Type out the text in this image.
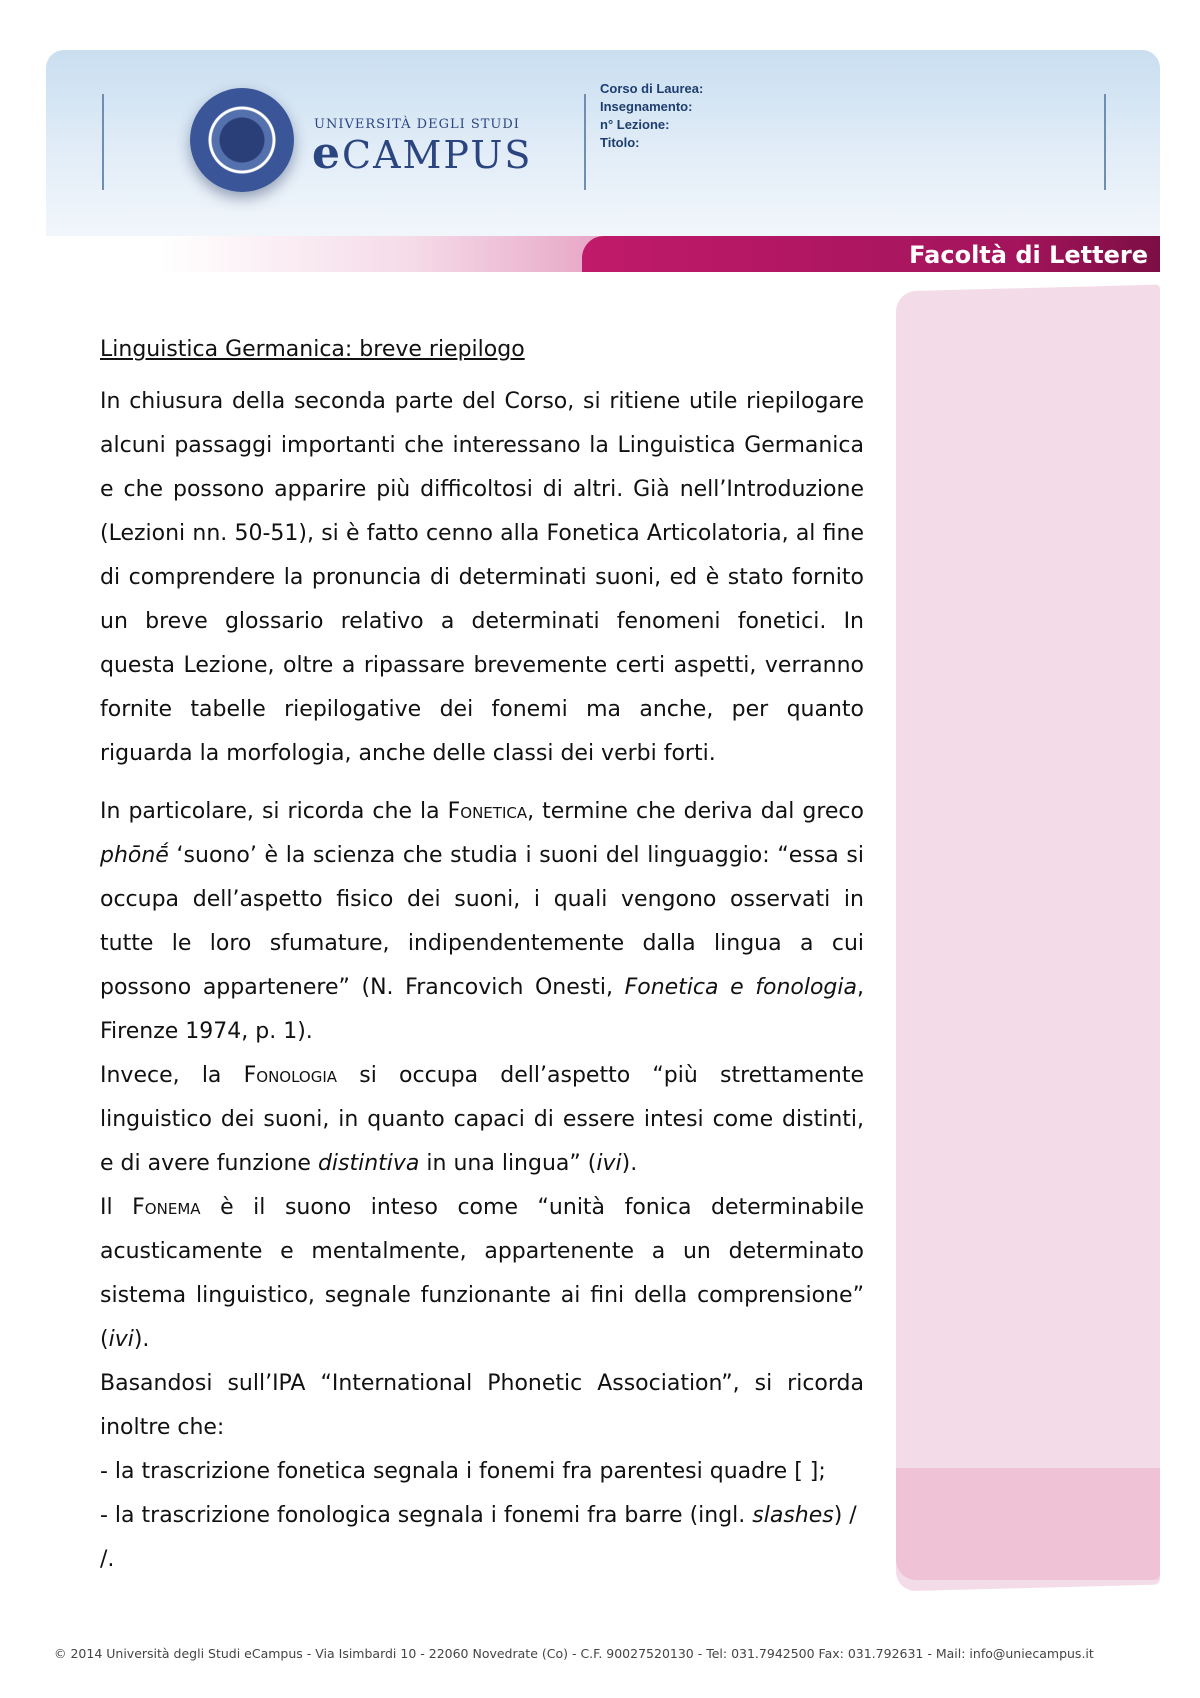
UNIVERSITÀ DEGLI STUDI
eCAMPUS
Corso di Laurea:
Insegnamento:
n° Lezione:
Titolo:
Facoltà di Lettere

Linguistica Germanica: breve riepilogo

In chiusura della seconda parte del Corso, si ritiene utile riepilogare alcuni passaggi importanti che interessano la Linguistica Germanica e che possono apparire più difficoltosi di altri. Già nell’Introduzione (Lezioni nn. 50-51), si è fatto cenno alla Fonetica Articolatoria, al fine di comprendere la pronuncia di determinati suoni, ed è stato fornito un breve glossario relativo a determinati fenomeni fonetici. In questa Lezione, oltre a ripassare brevemente certi aspetti, verranno fornite tabelle riepilogative dei fonemi ma anche, per quanto riguarda la morfologia, anche delle classi dei verbi forti.

In particolare, si ricorda che la Fonetica, termine che deriva dal greco phōnḗ ‘suono’ è la scienza che studia i suoni del linguaggio: “essa si occupa dell’aspetto fisico dei suoni, i quali vengono osservati in tutte le loro sfumature, indipendentemente dalla lingua a cui possono appartenere” (N. Francovich Onesti, Fonetica e fonologia, Firenze 1974, p. 1).

Invece, la Fonologia si occupa dell’aspetto “più strettamente linguistico dei suoni, in quanto capaci di essere intesi come distinti, e di avere funzione distintiva in una lingua” (ivi).

Il Fonema è il suono inteso come “unità fonica determinabile acusticamente e mentalmente, appartenente a un determinato sistema linguistico, segnale funzionante ai fini della comprensione” (ivi).

Basandosi sull’IPA “International Phonetic Association”, si ricorda inoltre che:

- la trascrizione fonetica segnala i fonemi fra parentesi quadre [ ];

- la trascrizione fonologica segnala i fonemi fra barre (ingl. slashes) / /.

© 2014 Università degli Studi eCampus - Via Isimbardi 10 - 22060 Novedrate (Co) - C.F. 90027520130 - Tel: 031.7942500 Fax: 031.792631 - Mail: info@uniecampus.it
